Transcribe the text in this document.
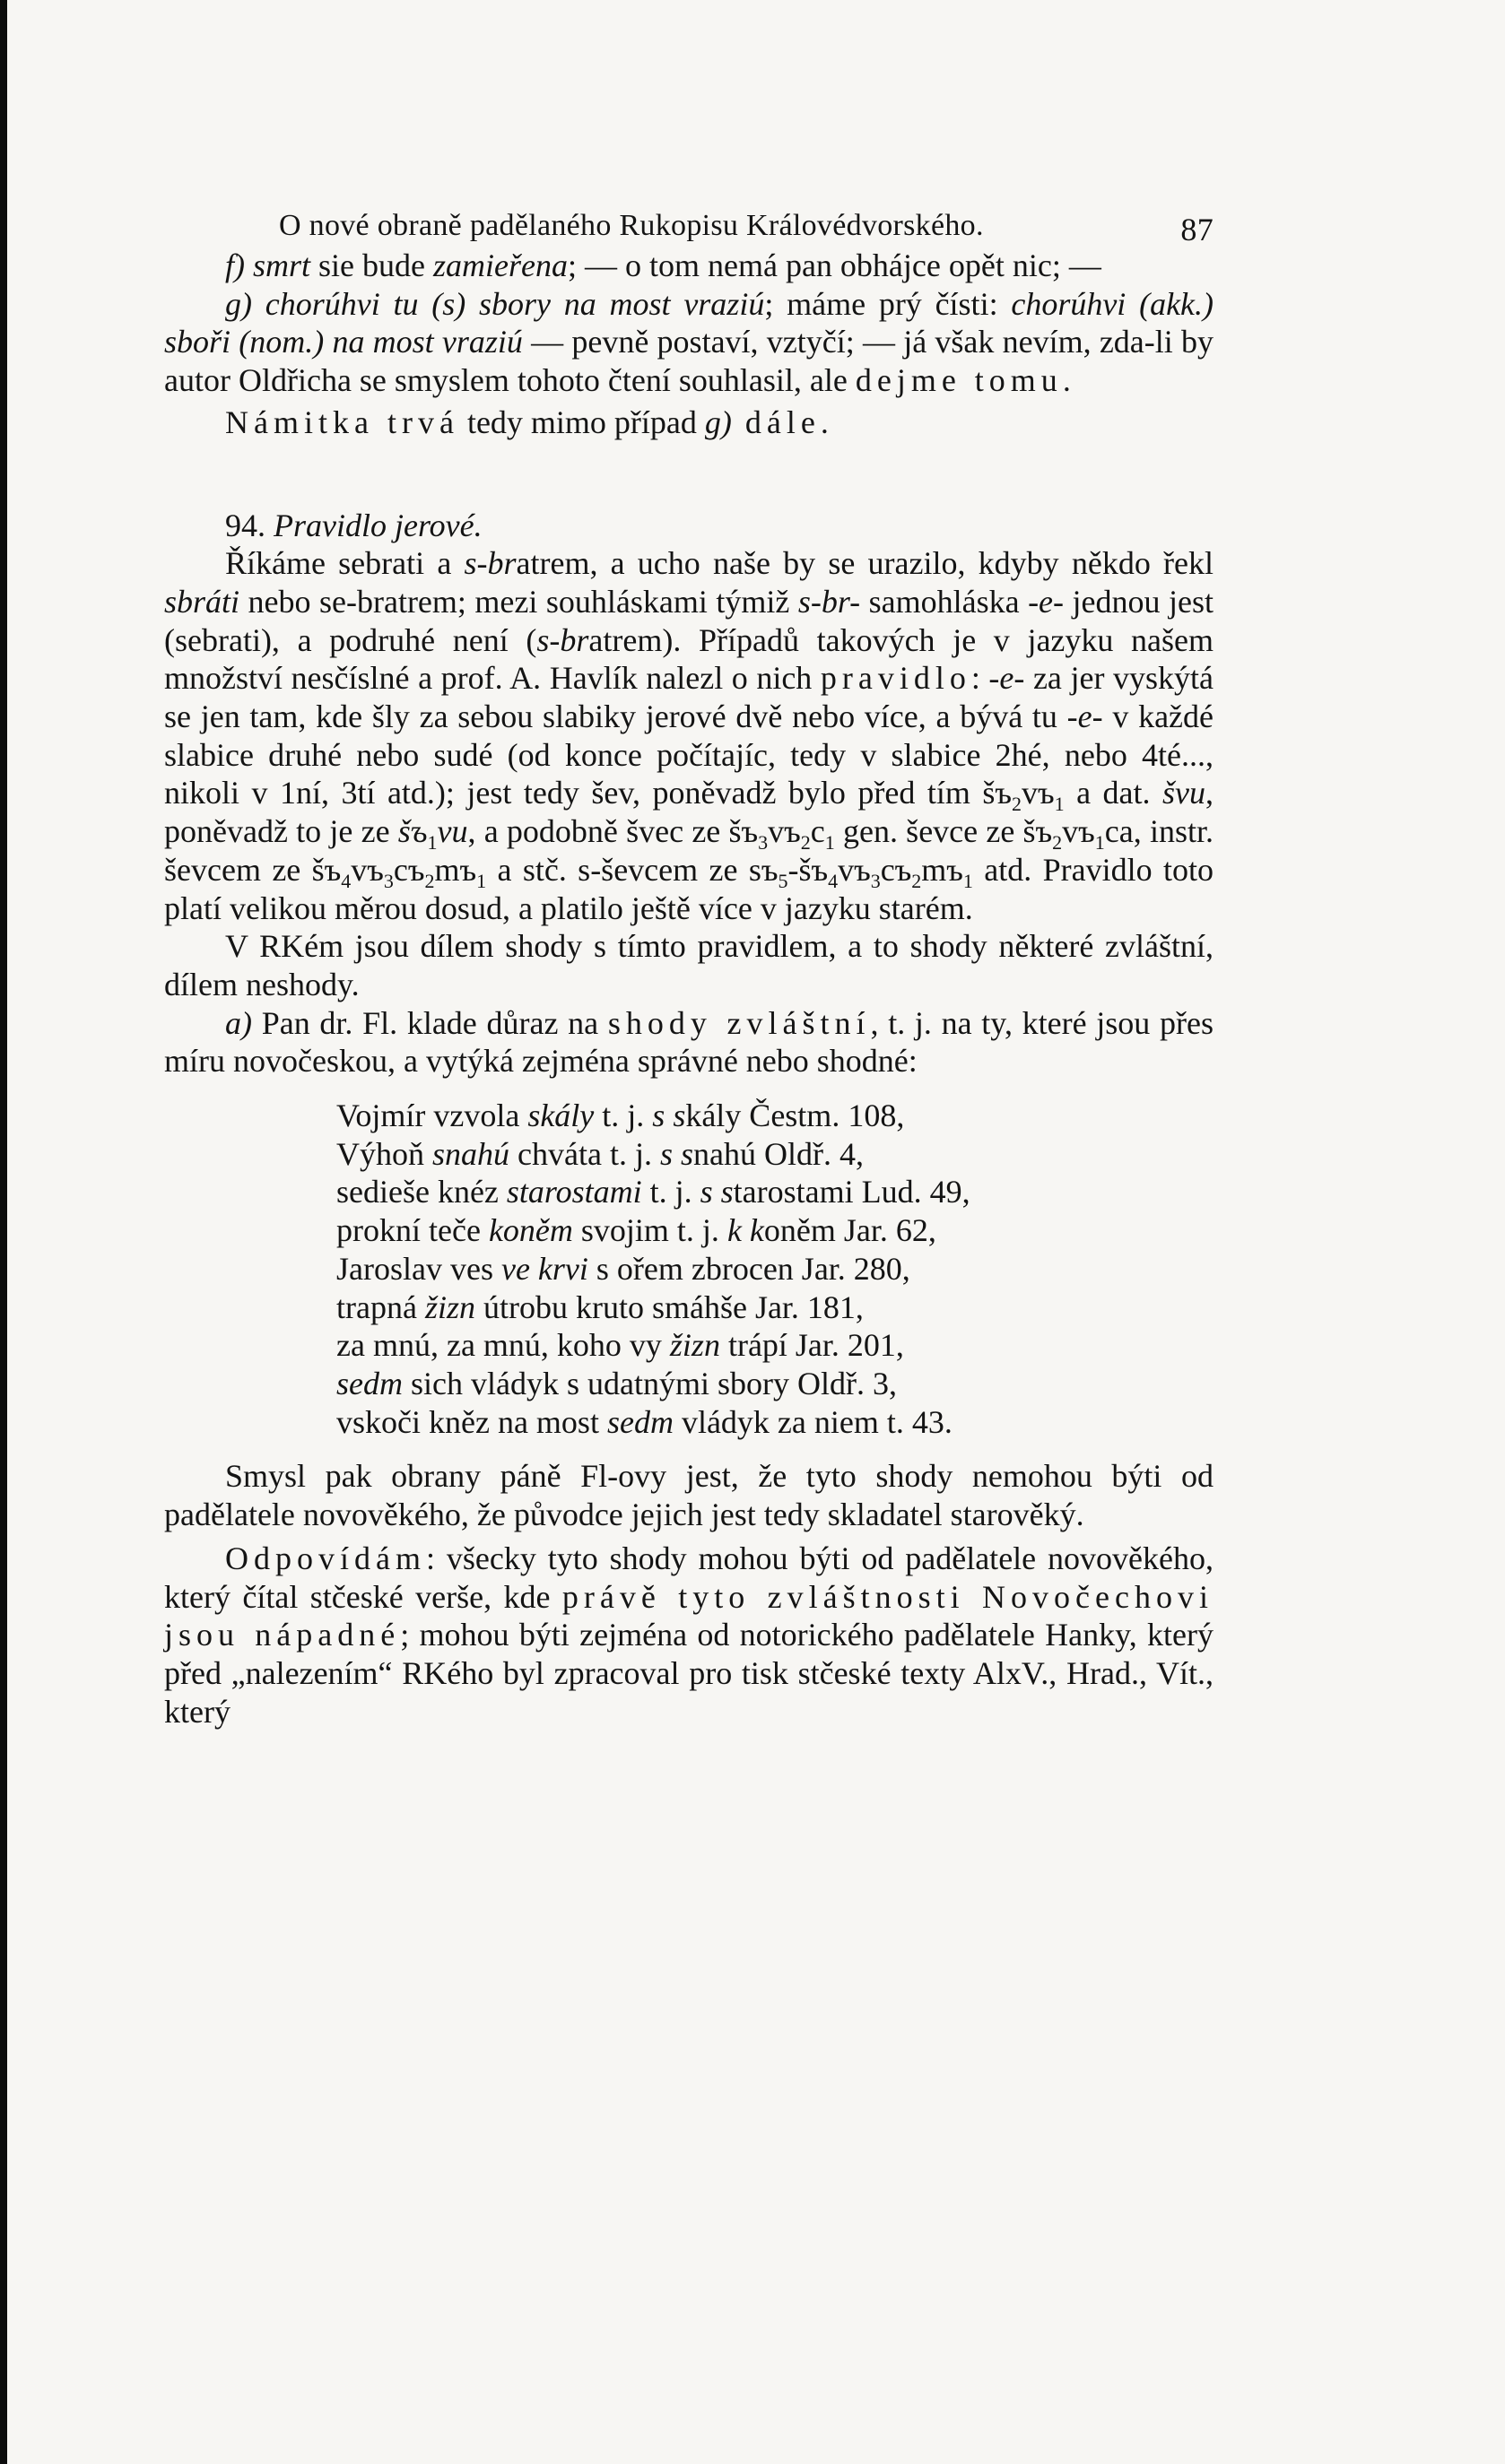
O nové obraně padělaného Rukopisu Královédvorského.	87

f) smrt sie bude zamieřena; — o tom nemá pan obhájce opět nic; —

g) chorúhvi tu (s) sbory na most vraziú; máme prý čísti: chorúhvi (akk.) sboři (nom.) na most vraziú — pevně postaví, vztyčí; — já však nevím, zda-li by autor Oldřicha se smyslem tohoto čtení souhlasil, ale dejme tomu.

Námitka trvá tedy mimo případ g) dále.

94. Pravidlo jerové.

Říkáme sebrati a s-bratrem, a ucho naše by se urazilo, kdyby někdo řekl sbráti nebo se-bratrem; mezi souhláskami týmiž s-br- samohláska -e- jednou jest (sebrati), a podruhé není (s-bratrem). Případů takových je v jazyku našem množství nesčíslné a prof. A. Havlík nalezl o nich pravidlo: -e- za jer vyskýtá se jen tam, kde šly za sebou slabiky jerové dvě nebo více, a bývá tu -e- v každé slabice druhé nebo sudé (od konce počítajíc, tedy v slabice 2hé, nebo 4té..., nikoli v 1ní, 3tí atd.); jest tedy šev, poněvadž bylo před tím $šъ_2vъ_1$ a dat. švu, poněvadž to je ze $šъ_1vu$, a podobně švec ze $šъ_3vъ_2c_1$ gen. ševce ze $šъ_2vъ_1ca$, instr. ševcem ze $šъ_4vъ_3cъ_2mъ_1$ a stč. s-ševcem ze $sъ_5-šъ_4vъ_3cъ_2mъ_1$ atd. Pravidlo toto platí velikou měrou dosud, a platilo ještě více v jazyku starém.

V RKém jsou dílem shody s tímto pravidlem, a to shody některé zvláštní, dílem neshody.

a) Pan dr. Fl. klade důraz na shody zvláštní, t. j. na ty, které jsou přes míru novočeskou, a vytýká zejména správné nebo shodné:

Vojmír vzvola skály t. j. s skály Čestm. 108,
Výhoň snahú chváta t. j. s snahú Oldř. 4,
sedieše knéz starostami t. j. s starostami Lud. 49,
prokní teče koněm svojim t. j. k koněm Jar. 62,
Jaroslav ves ve krvi s ořem zbrocen Jar. 280,
trapná žizn útrobu kruto smáhše Jar. 181,
za mnú, za mnú, koho vy žizn trápí Jar. 201,
sedm sich vládyk s udatnými sbory Oldř. 3,
vskoči kněz na most sedm vládyk za niem t. 43.

Smysl pak obrany páně Fl-ovy jest, že tyto shody nemohou býti od padělatele novověkého, že původce jejich jest tedy skladatel starověký.

Odpovídám: všecky tyto shody mohou býti od padělatele novověkého, který čítal stčeské verše, kde právě tyto zvláštnosti Novočechovi jsou nápadné; mohou býti zejména od notorického padělatele Hanky, který před „nalezením“ RKého byl zpracoval pro tisk stčeské texty AlxV., Hrad., Vít., který
